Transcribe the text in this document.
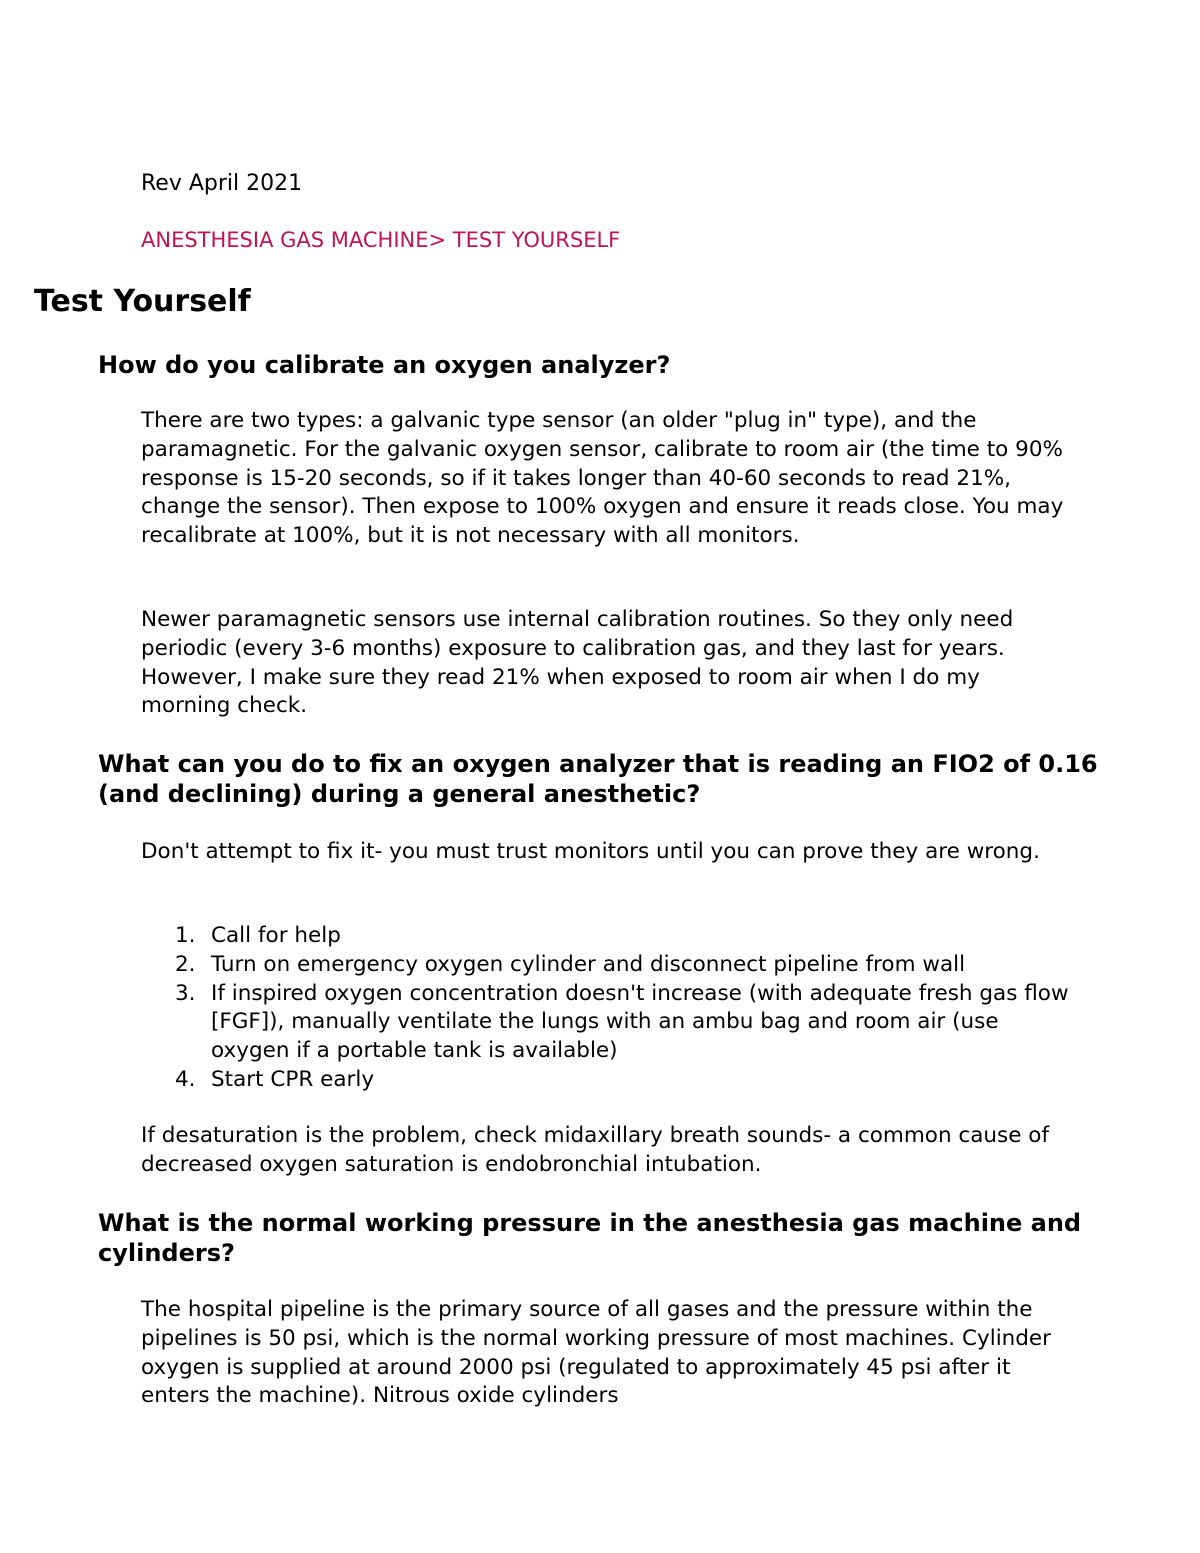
Rev April 2021
ANESTHESIA GAS MACHINE> TEST YOURSELF
Test Yourself
How do you calibrate an oxygen analyzer?

There are two types: a galvanic type sensor (an older "plug in" type), and the paramagnetic. For the galvanic oxygen sensor, calibrate to room air (the time to 90% response is 15-20 seconds, so if it takes longer than 40-60 seconds to read 21%, change the sensor). Then expose to 100% oxygen and ensure it reads close. You may recalibrate at 100%, but it is not necessary with all monitors.

Newer paramagnetic sensors use internal calibration routines. So they only need periodic (every 3-6 months) exposure to calibration gas, and they last for years. However, I make sure they read 21% when exposed to room air when I do my morning check.

What can you do to fix an oxygen analyzer that is reading an FIO2 of 0.16 (and declining) during a general anesthetic?

Don't attempt to fix it- you must trust monitors until you can prove they are wrong.

1. Call for help
2. Turn on emergency oxygen cylinder and disconnect pipeline from wall
3. If inspired oxygen concentration doesn't increase (with adequate fresh gas flow [FGF]), manually ventilate the lungs with an ambu bag and room air (use oxygen if a portable tank is available)
4. Start CPR early

If desaturation is the problem, check midaxillary breath sounds- a common cause of decreased oxygen saturation is endobronchial intubation.

What is the normal working pressure in the anesthesia gas machine and cylinders?

The hospital pipeline is the primary source of all gases and the pressure within the pipelines is 50 psi, which is the normal working pressure of most machines. Cylinder oxygen is supplied at around 2000 psi (regulated to approximately 45 psi after it enters the machine). Nitrous oxide cylinders
